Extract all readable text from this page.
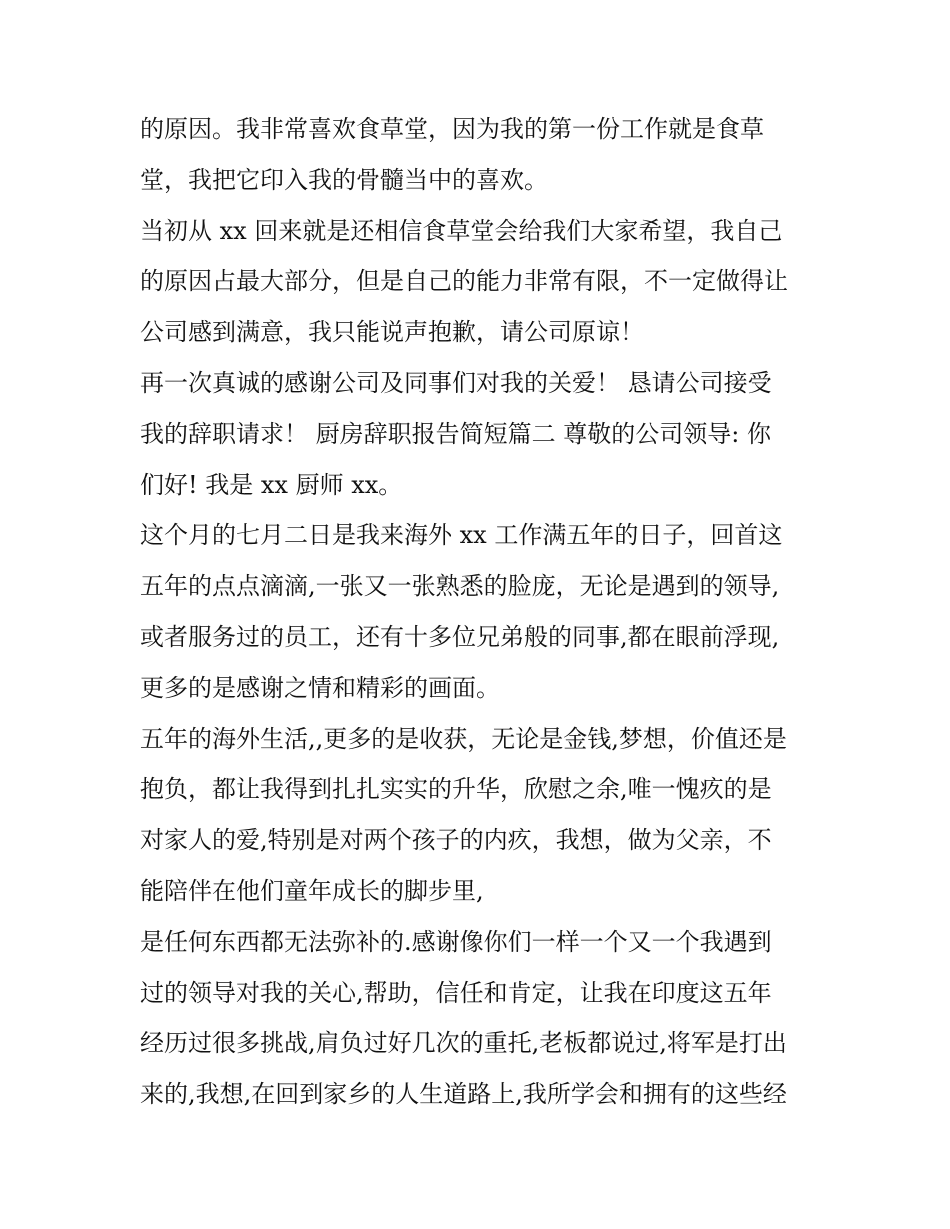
的原因。我非常喜欢食草堂，因为我的第一份工作就是食草
堂，我把它印入我的骨髓当中的喜欢。
当初从 xx 回来就是还相信食草堂会给我们大家希望，我自己
的原因占最大部分，但是自己的能力非常有限，不一定做得让
公司感到满意，我只能说声抱歉，请公司原谅！
再一次真诚的感谢公司及同事们对我的关爱！ 恳请公司接受
我的辞职请求！ 厨房辞职报告简短篇二 尊敬的公司领导: 你
们好! 我是 xx 厨师 xx。
这个月的七月二日是我来海外 xx 工作满五年的日子，回首这
五年的点点滴滴,一张又一张熟悉的脸庞，无论是遇到的领导,
或者服务过的员工，还有十多位兄弟般的同事,都在眼前浮现,
更多的是感谢之情和精彩的画面。
五年的海外生活,,更多的是收获，无论是金钱,梦想，价值还是
抱负，都让我得到扎扎实实的升华，欣慰之余,唯一愧疚的是
对家人的爱,特别是对两个孩子的内疚，我想，做为父亲，不
能陪伴在他们童年成长的脚步里,
是任何东西都无法弥补的.感谢像你们一样一个又一个我遇到
过的领导对我的关心,帮助，信任和肯定，让我在印度这五年
经历过很多挑战,肩负过好几次的重托,老板都说过,将军是打出
来的,我想,在回到家乡的人生道路上,我所学会和拥有的这些经
